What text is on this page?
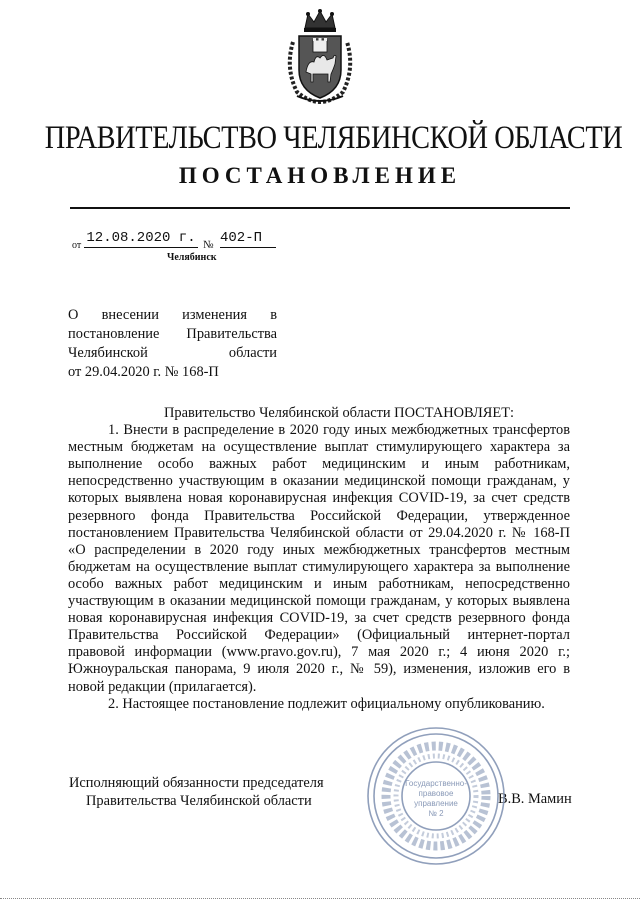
ПРАВИТЕЛЬСТВО ЧЕЛЯБИНСКОЙ ОБЛАСТИ
ПОСТАНОВЛЕНИЕ
от 12.08.2020 г. № 402-П
Челябинск
О внесении изменения в
постановление Правительства
Челябинской области
от 29.04.2020 г. № 168-П

Правительство Челябинской области ПОСТАНОВЛЯЕТ:

1. Внести в распределение в 2020 году иных межбюджетных трансфертов местным бюджетам на осуществление выплат стимулирующего характера за выполнение особо важных работ медицинским и иным работникам, непосредственно участвующим в оказании медицинской помощи гражданам, у которых выявлена новая коронавирусная инфекция COVID-19, за счет средств резервного фонда Правительства Российской Федерации, утвержденное постановлением Правительства Челябинской области от 29.04.2020 г. № 168-П «О распределении в 2020 году иных межбюджетных трансфертов местным бюджетам на осуществление выплат стимулирующего характера за выполнение особо важных работ медицинским и иным работникам, непосредственно участвующим в оказании медицинской помощи гражданам, у которых выявлена новая коронавирусная инфекция COVID-19, за счет средств резервного фонда Правительства Российской Федерации» (Официальный интернет-портал правовой информации (www.pravo.gov.ru), 7 мая 2020 г.; 4 июня 2020 г.; Южноуральская панорама, 9 июля 2020 г., № 59), изменения, изложив его в новой редакции (прилагается).

2. Настоящее постановление подлежит официальному опубликованию.

Исполняющий обязанности председателя
Правительства Челябинской области	В.В. Мамин
Государственно-
правовое
управление
№ 2
